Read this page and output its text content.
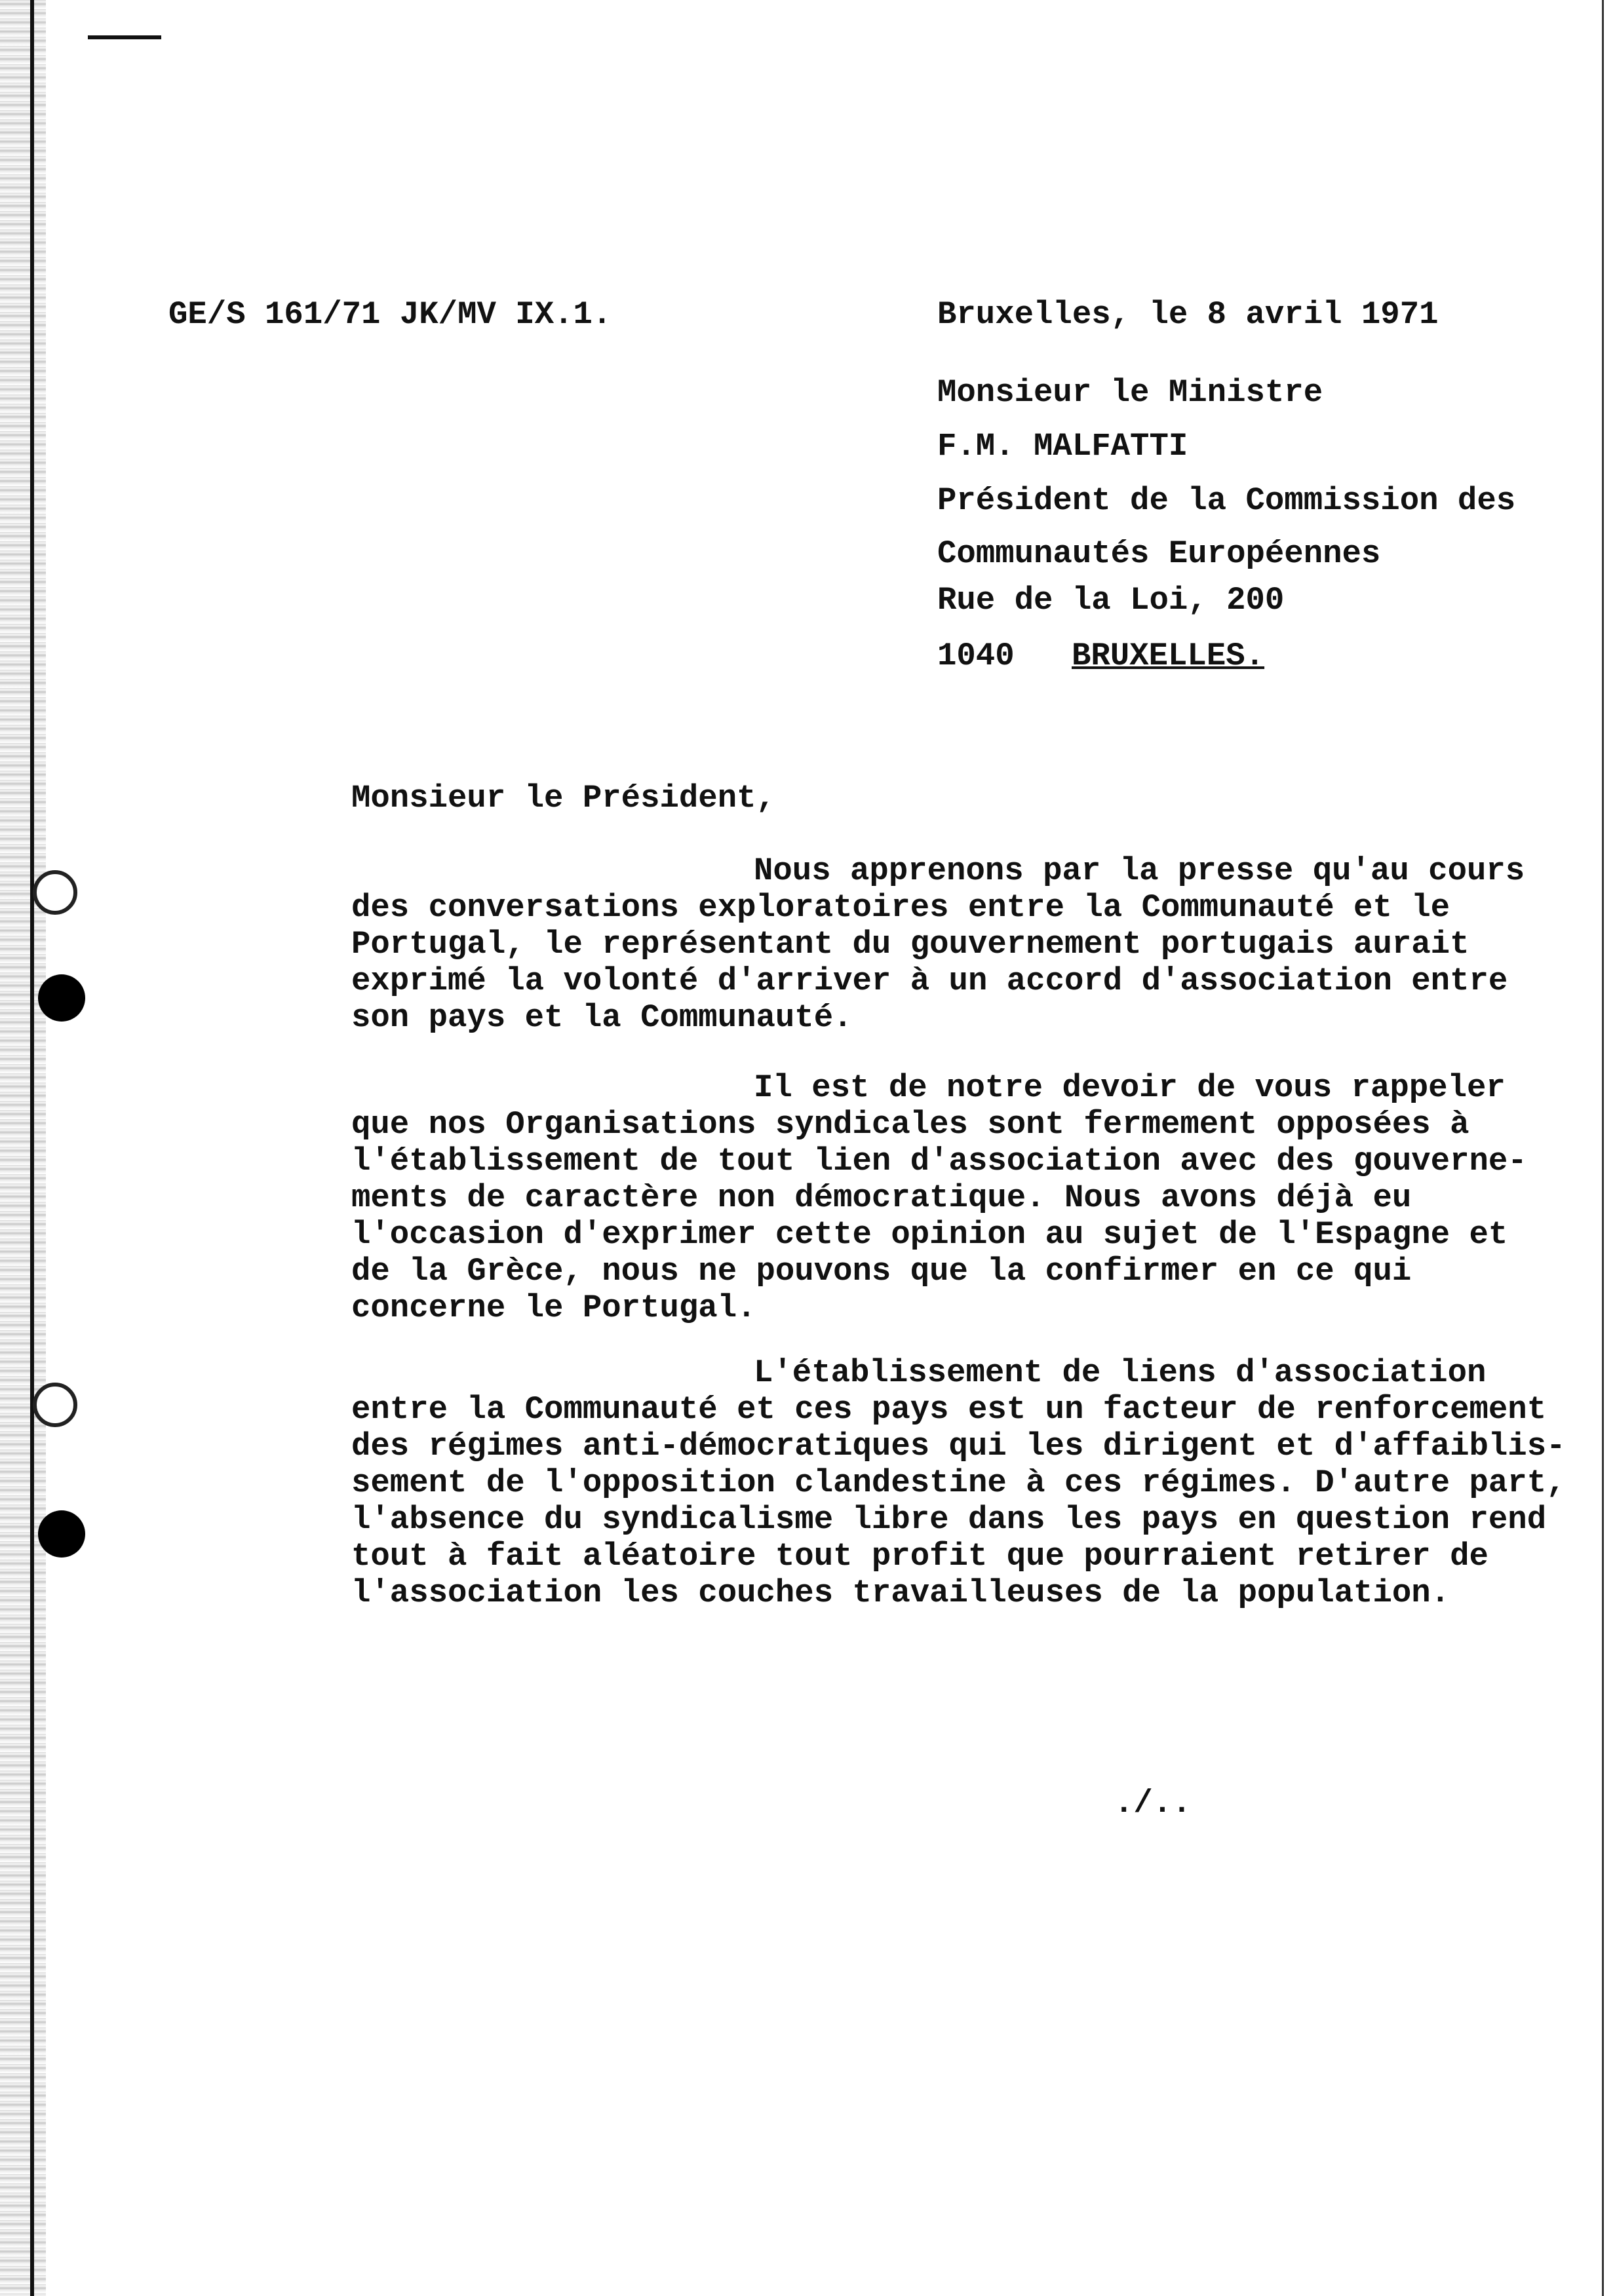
GE/S 161/71 JK/MV IX.1.	Bruxelles, le 8 avril 1971
Monsieur le Ministre
F.M. MALFATTI
Président de la Commission des
Communautés Européennes
Rue de la Loi, 200
1040 BRUXELLES.
Monsieur le Président,
Nous apprenons par la presse qu'au cours
des conversations exploratoires entre la Communauté et le
Portugal, le représentant du gouvernement portugais aurait
exprimé la volonté d'arriver à un accord d'association entre
son pays et la Communauté.
Il est de notre devoir de vous rappeler
que nos Organisations syndicales sont fermement opposées à
l'établissement de tout lien d'association avec des gouverne-
ments de caractère non démocratique. Nous avons déjà eu
l'occasion d'exprimer cette opinion au sujet de l'Espagne et
de la Grèce, nous ne pouvons que la confirmer en ce qui
concerne le Portugal.
L'établissement de liens d'association
entre la Communauté et ces pays est un facteur de renforcement
des régimes anti-démocratiques qui les dirigent et d'affaiblis-
sement de l'opposition clandestine à ces régimes. D'autre part,
l'absence du syndicalisme libre dans les pays en question rend
tout à fait aléatoire tout profit que pourraient retirer de
l'association les couches travailleuses de la population.
./..
